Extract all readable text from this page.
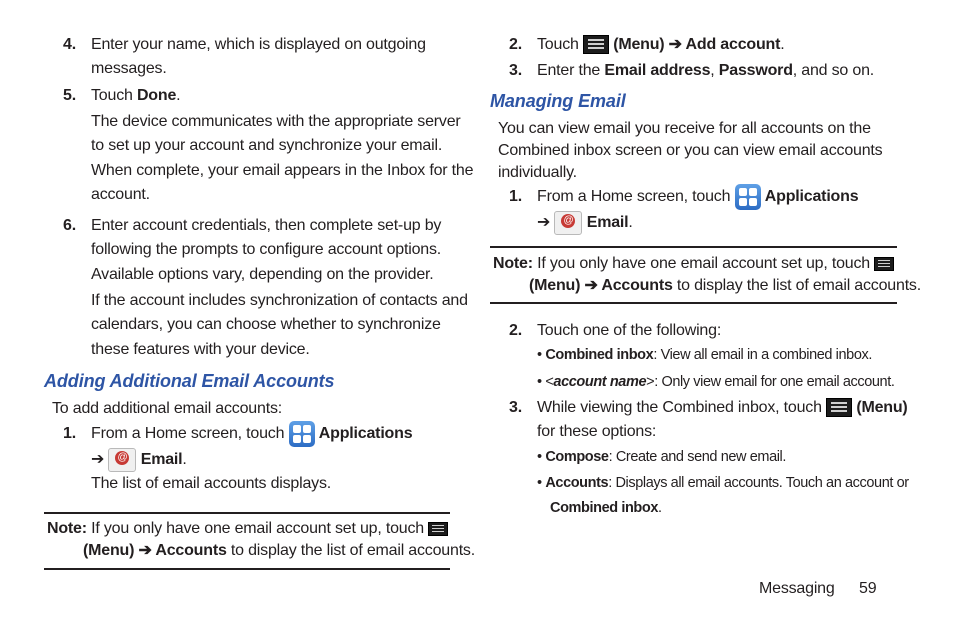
4. Enter your name, which is displayed on outgoing
messages.
5. Touch Done.
The device communicates with the appropriate server
to set up your account and synchronize your email.
When complete, your email appears in the Inbox for the
account.
6. Enter account credentials, then complete set-up by
following the prompts to configure account options.
Available options vary, depending on the provider.
If the account includes synchronization of contacts and
calendars, you can choose whether to synchronize
these features with your device.
Adding Additional Email Accounts
To add additional email accounts:
1. From a Home screen, touch
Applications
➔ @ Email.
The list of email accounts displays.
Note: If you only have one email account set up, touch
(Menu) ➔ Accounts to display the list of email accounts.
2. Touch  (Menu) ➔ Add account.
3. Enter the Email address, Password, and so on.
Managing Email
You can view email you receive for all accounts on the
Combined inbox screen or you can view email accounts
individually.
1. From a Home screen, touch
Applications
➔ @ Email.
Note: If you only have one email account set up, touch
(Menu) ➔ Accounts to display the list of email accounts.
2. Touch one of the following:
• Combined inbox: View all email in a combined inbox.
• <account name>: Only view email for one email account.
3. While viewing the Combined inbox, touch  (Menu)
for these options:
• Compose: Create and send new email.
• Accounts: Displays all email accounts. Touch an account or
Combined inbox.
Messaging 59
